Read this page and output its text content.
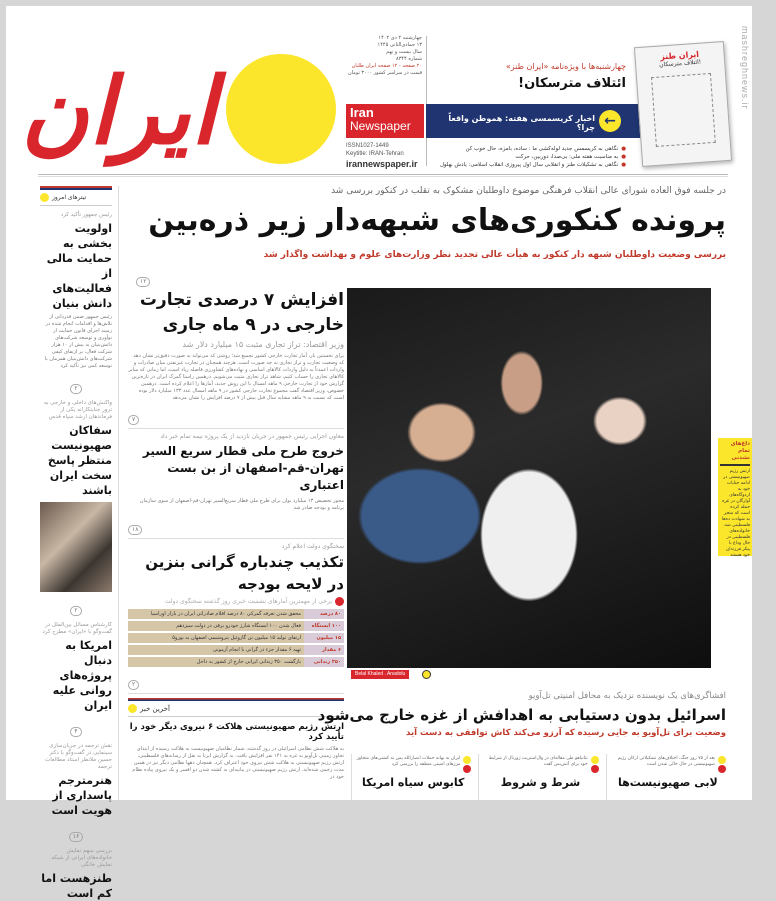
ایران
چهارشنبه ۲ دی ۱۴۰۲
۱۳ جمادی‌الثانی ۱۴۴۵
سال بیست و نهم
شماره ۸۳۴۴
۲۰ صفحه - ۱۲ صفحه ایران ‌طلبان
قیمت در سراسر کشور ۳۰۰۰ تومان
Iran
Newspaper
ISSN1027-1449
Keytitle: IRAN-Tehran
irannewspaper.ir
چهارشنبه‌ها با ویژه‌نامه «ایران طنز»
ائتلاف مترسکان!
←
اخبار کریسمسی هفته: هموطن واقعاً چرا؟
● نگاهی به کریسمس جدید لوله‌کشی ما : ساده، بامزه، حال خوب کن
● به مناسبت هفته ملی: بی‌صدا، دوربین، حرکت
● نگاهی به تشکیلات طنز و انقلابی سال اول پیروزی انقلاب اسلامی: یادش بهلول
ایران طنز
ائتلاف مترسکان!	mashreghnews.ir
در جلسه فوق العاده شورای عالی انقلاب فرهنگی موضوع داوطلبان مشکوک به تقلب در کنکور بررسی شد
پرونده کنکوری‌های شبهه‌دار زیر ذره‌بین
بررسی وضعیت داوطلبان شبهه دار کنکور به هیأت عالی تجدید نظر وزارت‌های علوم و بهداشت واگذار شد
۱۲
تیترهای امروز
رئیس جمهور تأکید کرد
اولویت بخشی به حمایت مالی از فعالیت‌های دانش بنیان
رئیس جمهور ضمن قدردانی از تلاش‌ها و اقدامات انجام شده در زمینه اجرای قانون حمایت از نوآوری و توسعه شرکت‌های دانش‌بنیان به بیش از ۱۰ هزار شرکت فعال، بر ارتقای کیفی شرکت‌های دانش‌بنیان همزمان با توسعه کمی نیز تأکید کرد
۲
واکنش‌های داخلی و خارجی به ترور جنایتکارانه یکی از فرماندهان ارشد سپاه قدس
سفاکان صهیونیست منتظر پاسخ سخت ایران باشند
۲
کارشناس مسائل بین‌الملل در گفت‌وگو با «ایران» مطرح کرد
امریکا به دنبال پروژه‌های روانی علیه ایران
۴
نقش ترجمه در جریان‌سازی سینمایی در گفت‌وگو با دکتر حسین ملانظر استاد مطالعات ترجمه
هنرمترجم پاسداری از هویت است
۱۶
بررسی سهم نمایش خانواده‌های ایرانی از شبکه نمایش خانگی
طنزهست اما کم است
افزایش ۷ درصدی تجارت خارجی در ۹ ماه جاری
وزیر اقتصاد: تراز تجاری مثبت ۱۵ میلیارد دلار شد
برای نخستین بار، آمار تجارت خارجی کشور تجمیع شد؛ روشی که می‌تواند به صورت دقیق‌تر نشان دهد که وضعیت تجارت و تراز تجاری به چه صورت است. هرچند همچنان در تجارت غیرنفتی میان صادرات و واردات اعمدتاً به دلیل واردات کالاهای اساسی و نهاده‌های کشاورزی فاصله زیاد است، اما زمانی که سایر کالاهای تجاری را حساب کنیم، شاهد تراز تجاری مثبت می‌شویم. درهمین راستا گمرک ایران در تازه‌ترین گزارش خود از تجارت خارجی ۹ ماهه امسال با این روش جدید، آمارها را اعلام کرده است. درهمین خصوص، وزیر اقتصاد گفت مجموع تجارت خارجی کشور در ۹ ماهه امسال عدد ۱۳۳ میلیارد دلار بوده است که نسبت به ۹ ماهه مشابه سال قبل بیش از ۷ درصد افزایش را نشان می‌دهد
۷
معاون اجرایی رئیس جمهور در جریان بازدید از یک پروژه نیمه تمام خبر داد
خروج طرح ملی قطار سریع السیر تهران-قم-اصفهان از بن بست اعتباری
مجوز تخصیص ۱۳ میلیارد یوان برای طرح ملی قطار سریع‌السیر تهران-قم-اصفهان از سوی سازمان برنامه و بودجه صادر شد
۱۸
سخنگوی دولت اعلام کرد
تکذیب چندباره گرانی بنزین در لایحه بودجه
برخی از مهمترین آمارهای نشست خبری روز گذشته سخنگوی دولت
۸۰ درصد
محقق شدن تعرفه گمرکی ۸۰ درصد اقلام صادراتی ایران در بازار اوراسیا
۱۰۰ ایستگاه
فعال شدن ۱۰۰ ایستگاه شارژ خودرو برقی در دولت سیزدهم
۱۵ میلیون
ارتقای تولید ۱۵ میلیون تن گازوئیل پتروشیمی اصفهان به یورو۵
۶ مقدار
تهیه ۶ مقدار جزء در گرانی با انجام آزمونی
۳۵۰ زندانی
بازگشت ۳۵۰ زندانی ایرانی خارج از کشور به داخل
۲
آخرین خبر
ارتش رژیم صهیونیستی هلاکت ۶ نیروی دیگر خود را تأیید کرد
به هلاکت شش نظامی اسرائیلی در روز گذشته، شمار نظامیان صهیونیست به هلاکت رسیده از ابتدای تجاوز زمینی تل‌آویو به غزه به ۱۴۱ نفر افزایش یافت. به گزارش ایرنا به نقل از رسانه‌های فلسطینی، ارتش رژیم صهیونیستی به هلاکت شش نیروی خود اعتراف کرد. همچنان دهها نظامی دیگر نیز در همین مدت زخمی شده‌اند. ارتش رژیم صهیونیستی در بیانیه‌ای به کشته شدن دو افسر و یک نیروی پیاده نظام خود در
Belal Khaled . Anadolu
داغ‌های تمام نشدنی
ارتش رژیم صهیونیستی در ادامه جنایات خود به اردوگاه‌های آوارگان در غزه حمله کرده است که منجر به شهادت ده‌ها فلسطینی شد. خانواده‌های فلسطینی در حال وداع با پیکر فرزندان خود هستند
افشاگری‌های یک نویسنده نزدیک به محافل امنیتی تل‌آویو
اسرائیل بدون دستیابی به اهدافش از غزه خارج می‌شود
وضعیت برای تل‌آویو به جایی رسیده که آرزو می‌کند کاش توافقی به دست آید
بعد از ۷۵ روز جنگ، اختلاف‌های تشکیلاتی ارکان رژیم صهیونیستی در حال خالی شدن است
لابی صهیونیست‌ها
نتانیاهو طی مقاله‌ای در وال‌استریت ژورنال از شرایط خود برای آتش‌بس گفت
شرط و شروط
ایران به بهانه حملات انصارالله یمن به کشتی‌های متجاوز مرزهای امنیتی منطقه را بررسی کرد
کابوس سیاه امریکا
